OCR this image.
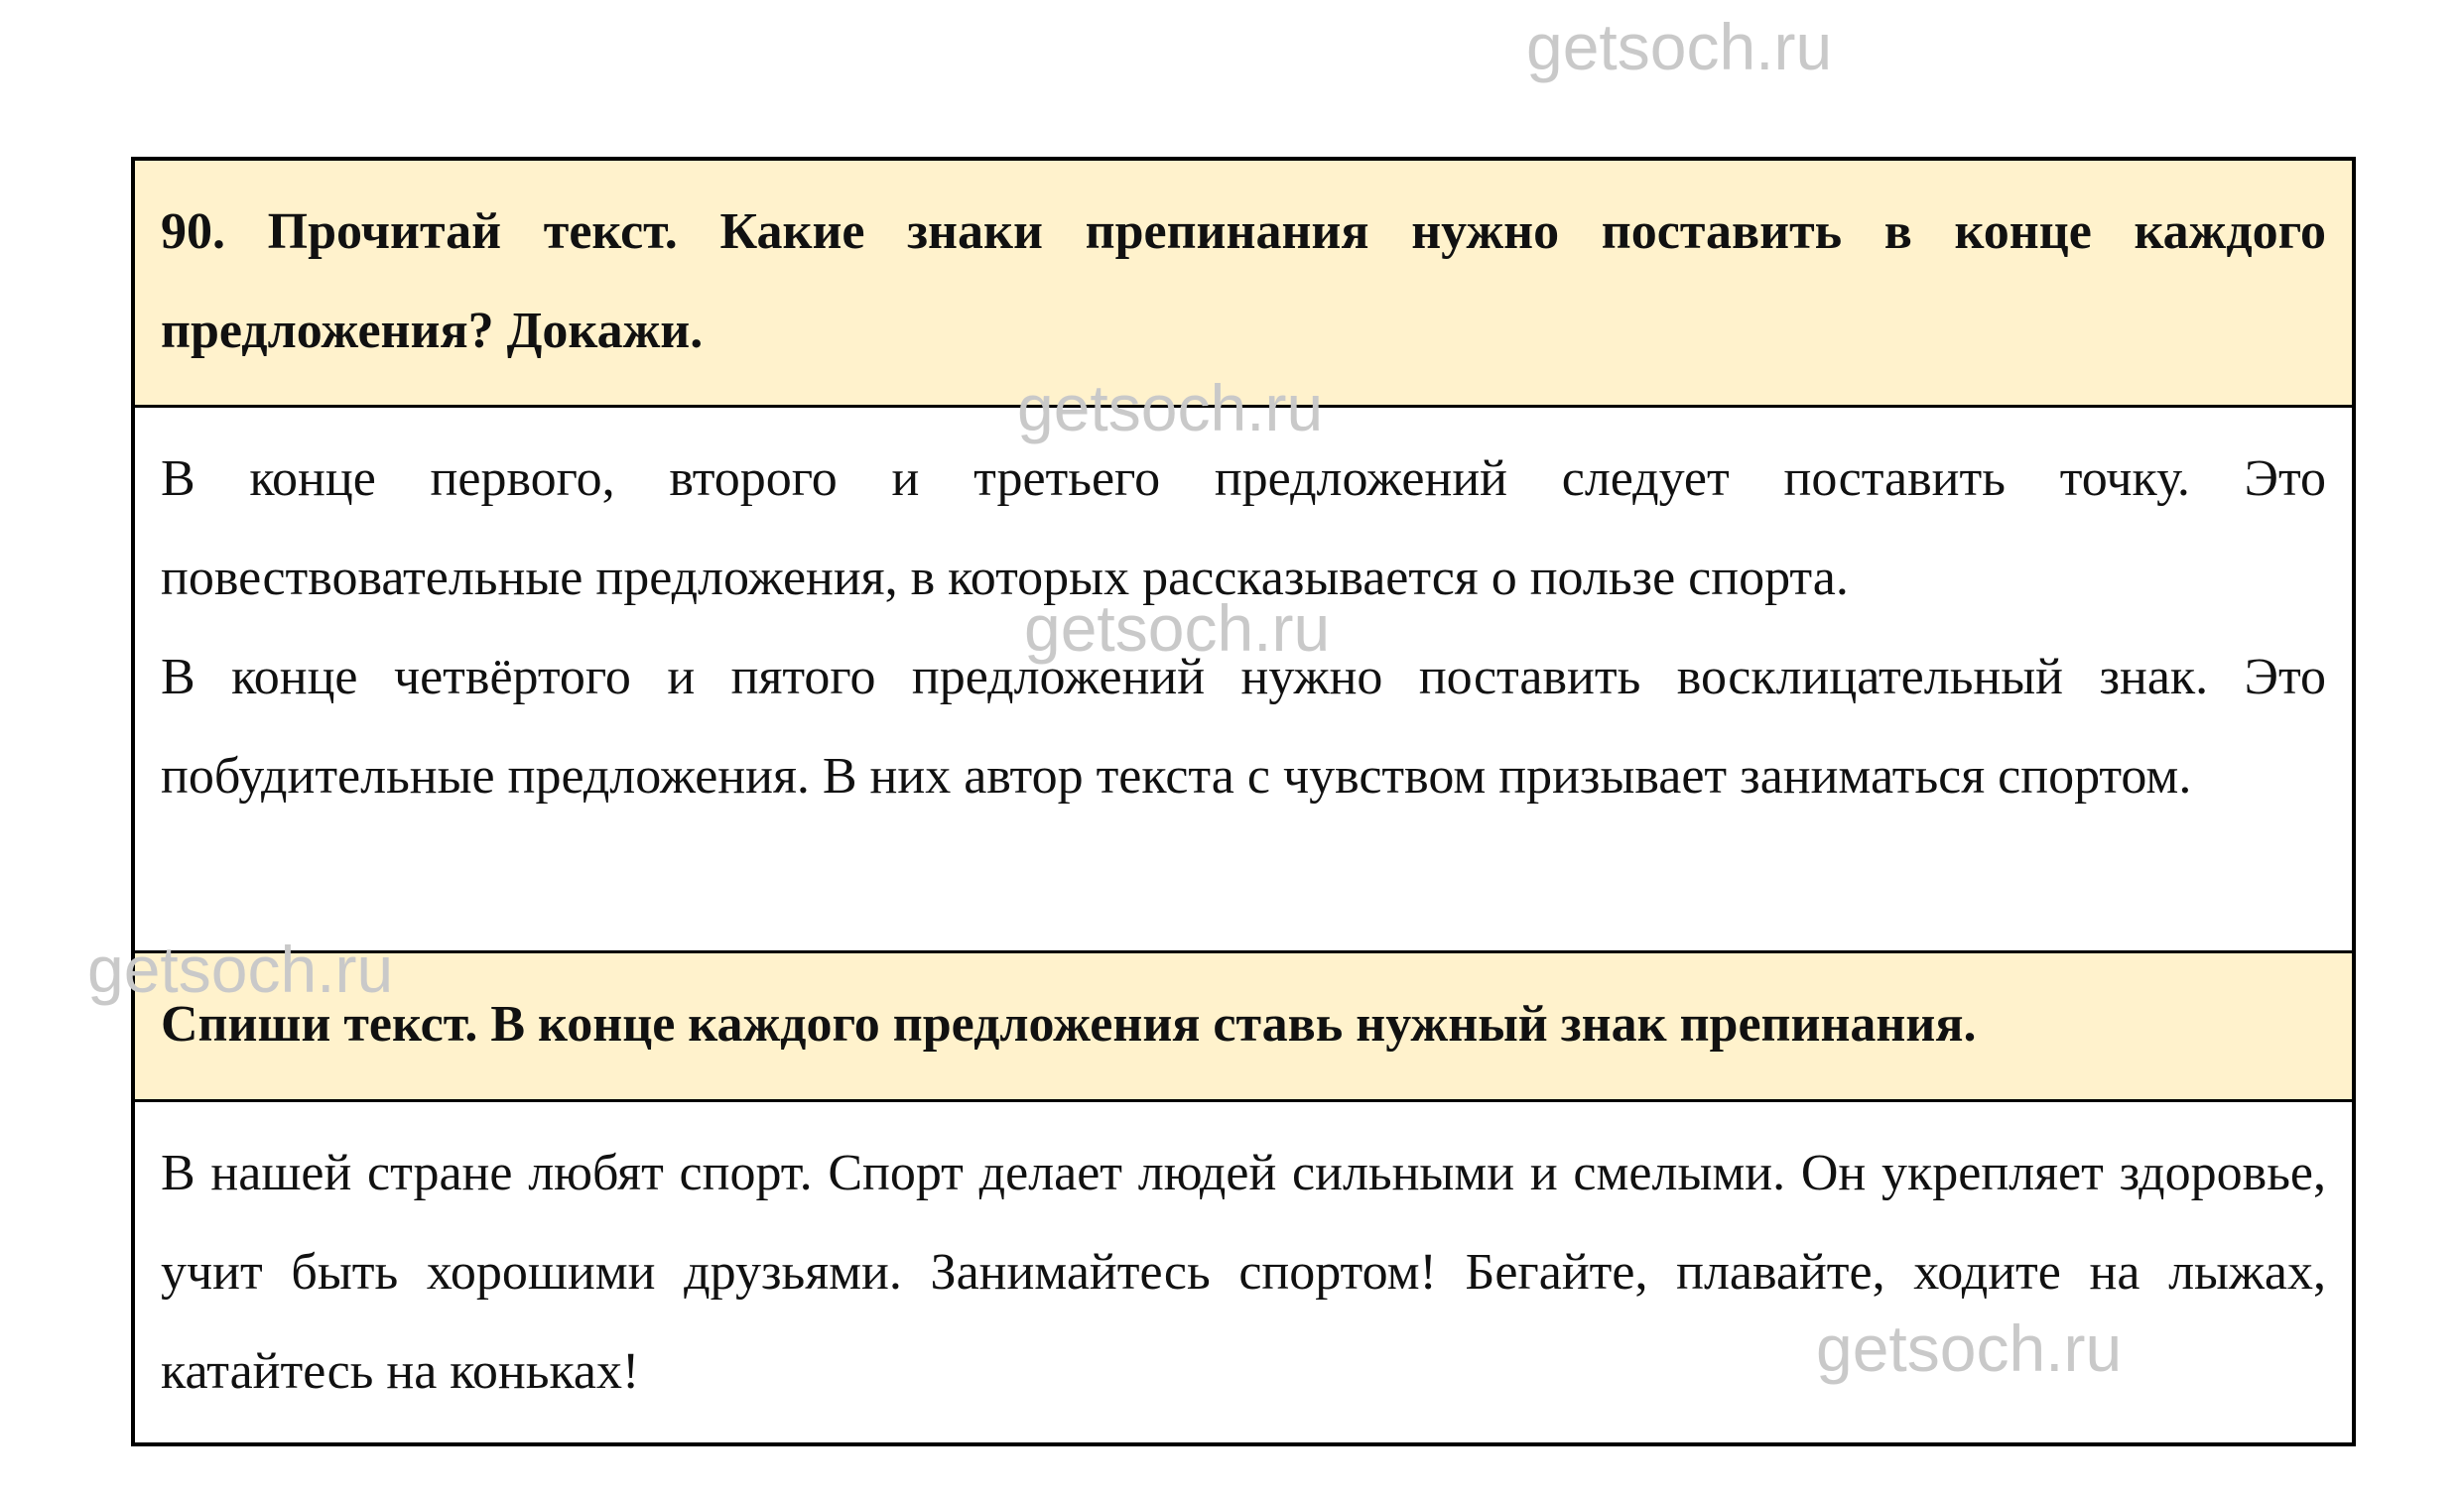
getsoch.ru
getsoch.ru
getsoch.ru
getsoch.ru
getsoch.ru

90. Прочитай текст. Какие знаки препинания нужно поставить в конце каждого предложения? Докажи.

В конце первого, второго и третьего предложений следует поставить точку. Это повествовательные предложения, в которых рассказывается о пользе спорта.

В конце четвёртого и пятого предложений нужно поставить восклицательный знак. Это побудительные предложения. В них автор текста с чувством призывает заниматься спортом.

Спиши текст. В конце каждого предложения ставь нужный знак препинания.

В нашей стране любят спорт. Спорт делает людей сильными и смелыми. Он укрепляет здоровье, учит быть хорошими друзьями. Занимайтесь спортом! Бегайте, плавайте, ходите на лыжах, катайтесь на коньках!
